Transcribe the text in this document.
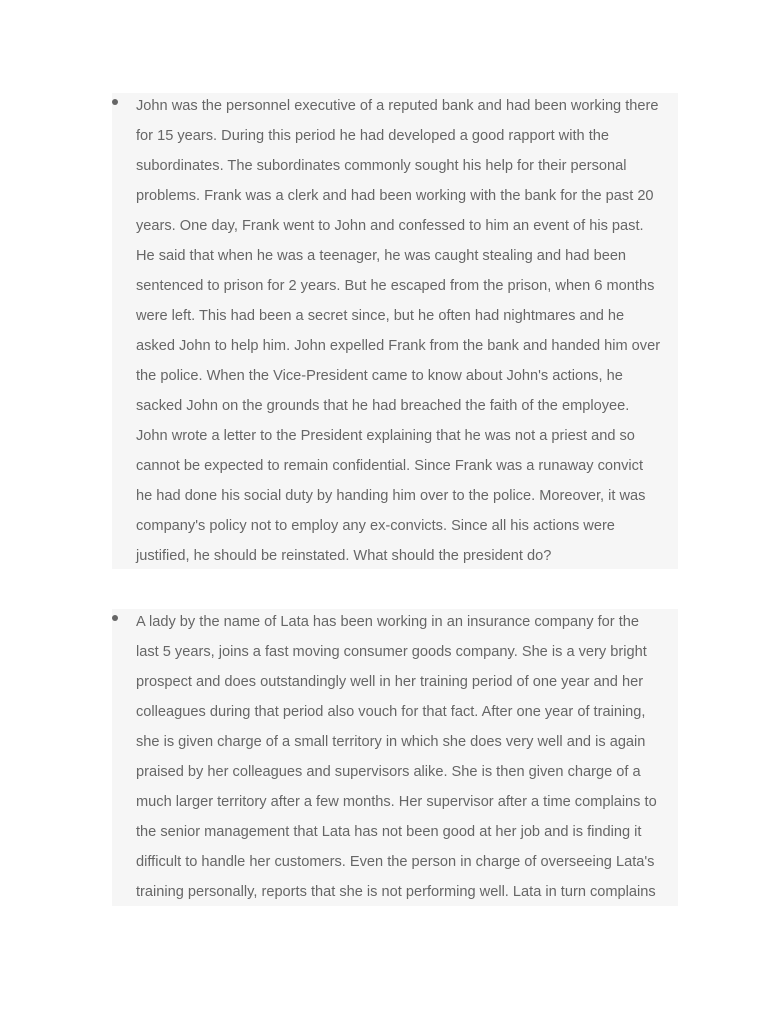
John was the personnel executive of a reputed bank and had been working there
for 15 years. During this period he had developed a good rapport with the
subordinates. The subordinates commonly sought his help for their personal
problems. Frank was a clerk and had been working with the bank for the past 20
years. One day, Frank went to John and confessed to him an event of his past.
He said that when he was a teenager, he was caught stealing and had been
sentenced to prison for 2 years. But he escaped from the prison, when 6 months
were left. This had been a secret since, but he often had nightmares and he
asked John to help him. John expelled Frank from the bank and handed him over
the police. When the Vice-President came to know about John's actions, he
sacked John on the grounds that he had breached the faith of the employee.
John wrote a letter to the President explaining that he was not a priest and so
cannot be expected to remain confidential. Since Frank was a runaway convict
he had done his social duty by handing him over to the police. Moreover, it was
company's policy not to employ any ex-convicts. Since all his actions were
justified, he should be reinstated. What should the president do?

A lady by the name of Lata has been working in an insurance company for the
last 5 years, joins a fast moving consumer goods company. She is a very bright
prospect and does outstandingly well in her training period of one year and her
colleagues during that period also vouch for that fact. After one year of training,
she is given charge of a small territory in which she does very well and is again
praised by her colleagues and supervisors alike. She is then given charge of a
much larger territory after a few months. Her supervisor after a time complains to
the senior management that Lata has not been good at her job and is finding it
difficult to handle her customers. Even the person in charge of overseeing Lata's
training personally, reports that she is not performing well. Lata in turn complains
